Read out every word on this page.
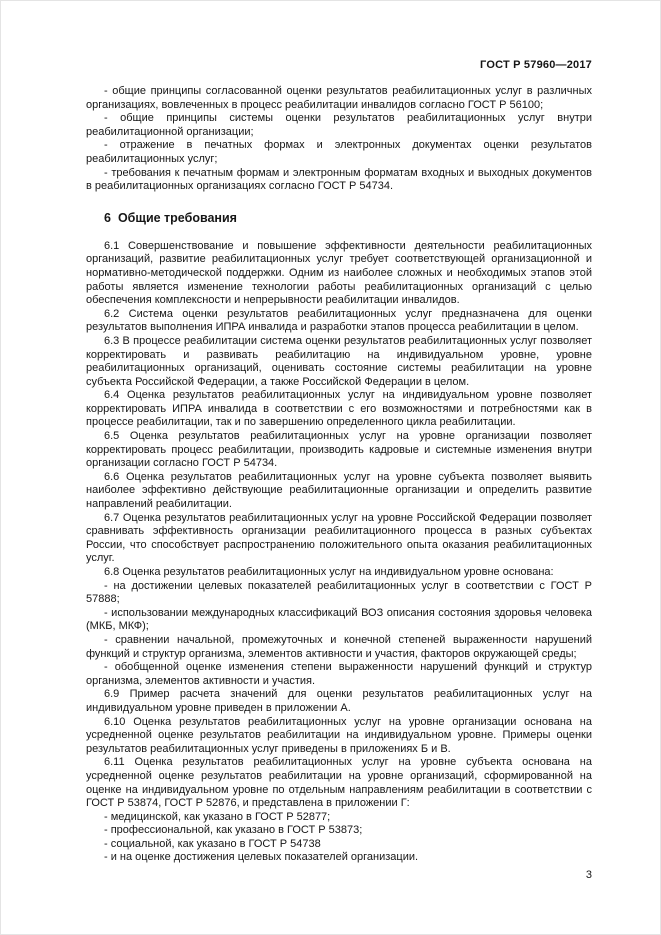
ГОСТ Р 57960—2017

- общие принципы согласованной оценки результатов реабилитационных услуг в различных организациях, вовлеченных в процесс реабилитации инвалидов согласно ГОСТ Р 56100;

- общие принципы системы оценки результатов реабилитационных услуг внутри реабилитационной организации;

- отражение в печатных формах и электронных документах оценки результатов реабилитационных услуг;

- требования к печатным формам и электронным форматам входных и выходных документов в реабилитационных организациях согласно ГОСТ Р 54734.

6 Общие требования

6.1 Совершенствование и повышение эффективности деятельности реабилитационных организаций, развитие реабилитационных услуг требует соответствующей организационной и нормативно-методической поддержки. Одним из наиболее сложных и необходимых этапов этой работы является изменение технологии работы реабилитационных организаций с целью обеспечения комплексности и непрерывности реабилитации инвалидов.

6.2 Система оценки результатов реабилитационных услуг предназначена для оценки результатов выполнения ИПРА инвалида и разработки этапов процесса реабилитации в целом.

6.3 В процессе реабилитации система оценки результатов реабилитационных услуг позволяет корректировать и развивать реабилитацию на индивидуальном уровне, уровне реабилитационных организаций, оценивать состояние системы реабилитации на уровне субъекта Российской Федерации, а также Российской Федерации в целом.

6.4 Оценка результатов реабилитационных услуг на индивидуальном уровне позволяет корректировать ИПРА инвалида в соответствии с его возможностями и потребностями как в процессе реабилитации, так и по завершению определенного цикла реабилитации.

6.5 Оценка результатов реабилитационных услуг на уровне организации позволяет корректировать процесс реабилитации, производить кадровые и системные изменения внутри организации согласно ГОСТ Р 54734.

6.6 Оценка результатов реабилитационных услуг на уровне субъекта позволяет выявить наиболее эффективно действующие реабилитационные организации и определить развитие направлений реабилитации.

6.7 Оценка результатов реабилитационных услуг на уровне Российской Федерации позволяет сравнивать эффективность организации реабилитационного процесса в разных субъектах России, что способствует распространению положительного опыта оказания реабилитационных услуг.

6.8 Оценка результатов реабилитационных услуг на индивидуальном уровне основана:

- на достижении целевых показателей реабилитационных услуг в соответствии с ГОСТ Р 57888;

- использовании международных классификаций ВОЗ описания состояния здоровья человека (МКБ, МКФ);

- сравнении начальной, промежуточных и конечной степеней выраженности нарушений функций и структур организма, элементов активности и участия, факторов окружающей среды;

- обобщенной оценке изменения степени выраженности нарушений функций и структур организма, элементов активности и участия.

6.9 Пример расчета значений для оценки результатов реабилитационных услуг на индивидуальном уровне приведен в приложении А.

6.10 Оценка результатов реабилитационных услуг на уровне организации основана на усредненной оценке результатов реабилитации на индивидуальном уровне. Примеры оценки результатов реабилитационных услуг приведены в приложениях Б и В.

6.11 Оценка результатов реабилитационных услуг на уровне субъекта основана на усредненной оценке результатов реабилитации на уровне организаций, сформированной на оценке на индивидуальном уровне по отдельным направлениям реабилитации в соответствии с ГОСТ Р 53874, ГОСТ Р 52876, и представлена в приложении Г:

- медицинской, как указано в ГОСТ Р 52877;

- профессиональной, как указано в ГОСТ Р 53873;

- социальной, как указано в ГОСТ Р 54738

- и на оценке достижения целевых показателей организации.

3
